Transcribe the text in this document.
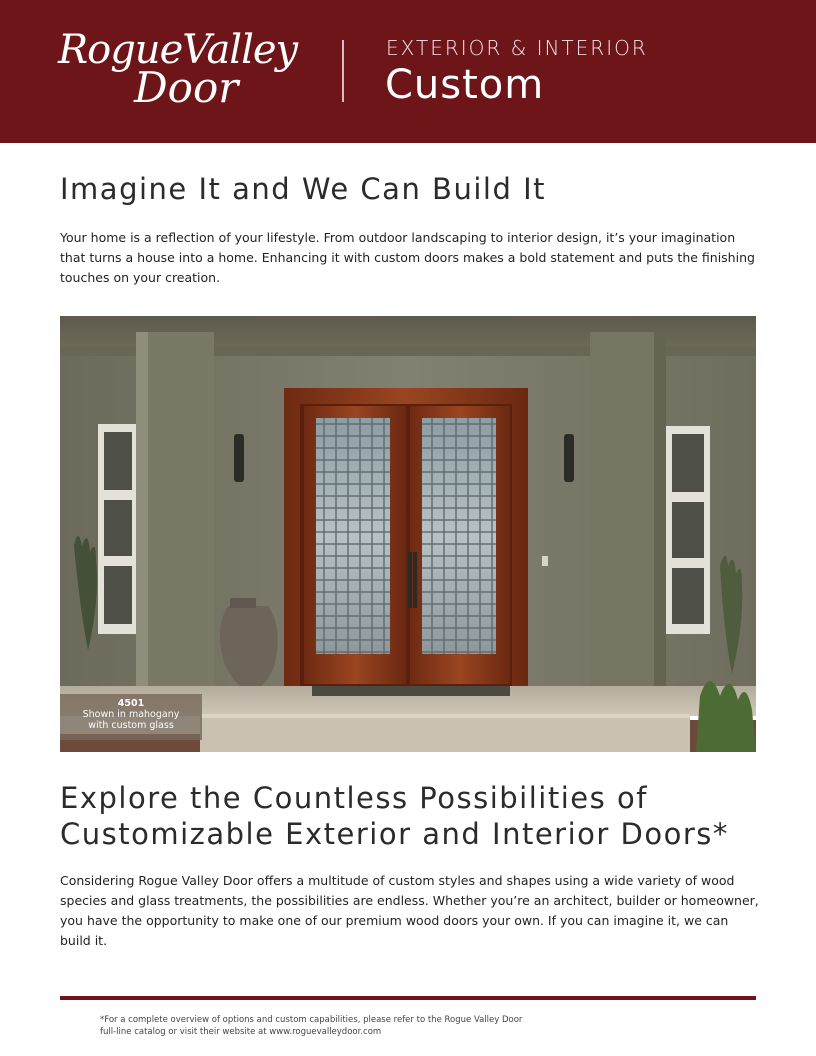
RogueValley
Door
EXTERIOR & INTERIOR
Custom
Imagine It and We Can Build It

Your home is a reflection of your lifestyle. From outdoor landscaping to interior design, it’s your imagination that turns a house into a home. Enhancing it with custom doors makes a bold statement and puts the finishing touches on your creation.

4501
Shown in mahogany
with custom glass
Explore the Countless Possibilities of Customizable Exterior and Interior Doors*

Considering Rogue Valley Door offers a multitude of custom styles and shapes using a wide variety of wood species and glass treatments, the possibilities are endless. Whether you’re an architect, builder or homeowner, you have the opportunity to make one of our premium wood doors your own. If you can imagine it, we can build it.

*For a complete overview of options and custom capabilities, please refer to the Rogue Valley Door
full-line catalog or visit their website at www.roguevalleydoor.com
